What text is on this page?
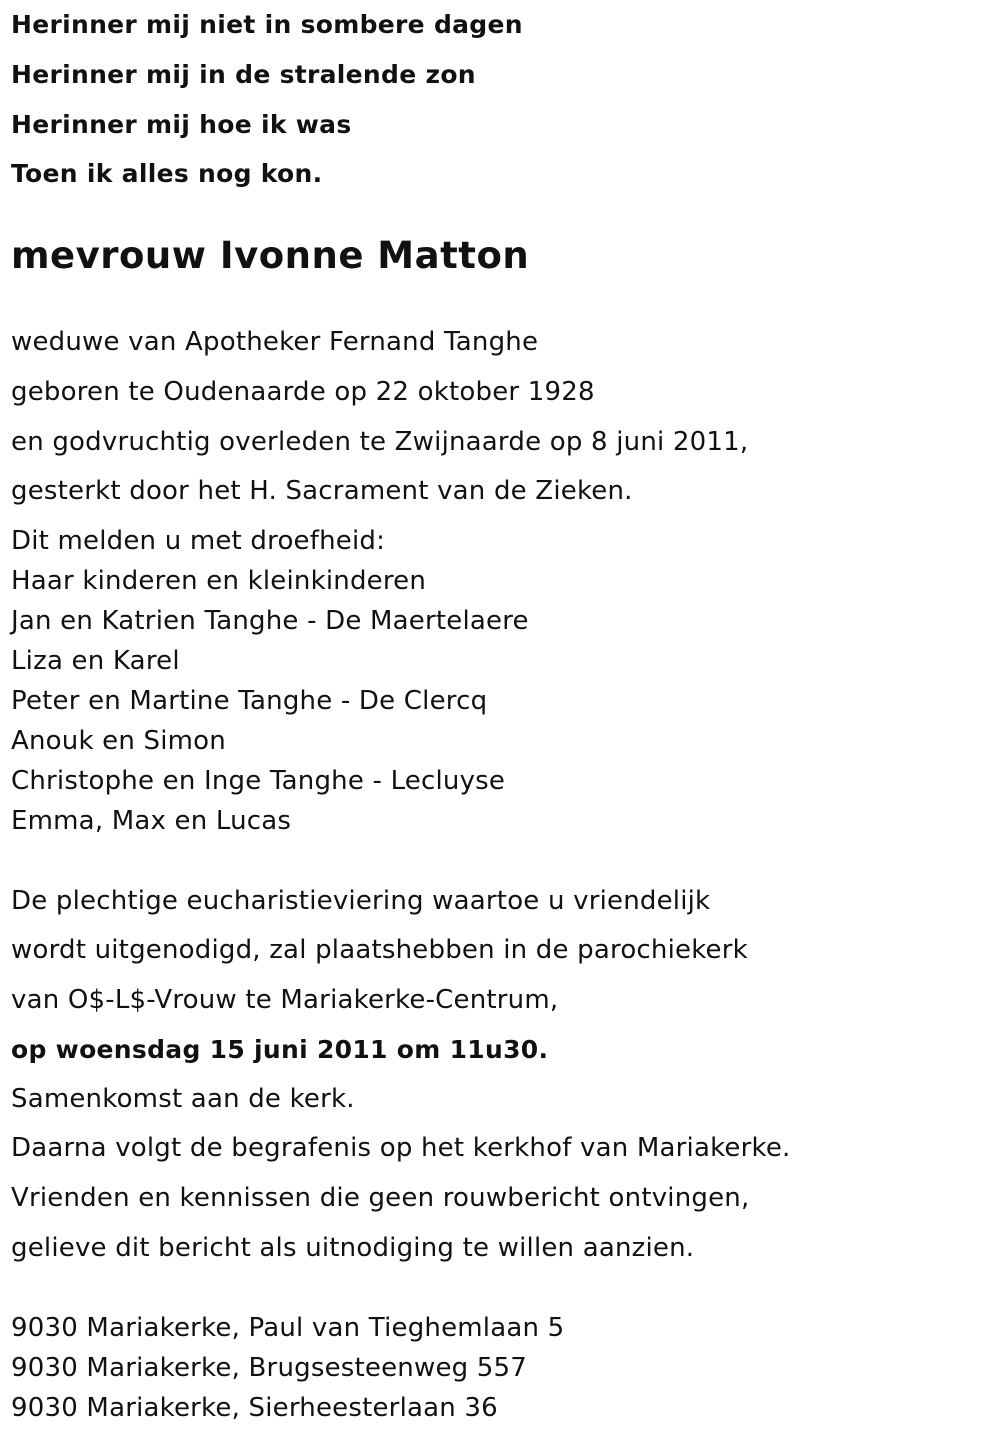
Herinner mij niet in sombere dagen
Herinner mij in de stralende zon
Herinner mij hoe ik was
Toen ik alles nog kon.
mevrouw Ivonne Matton
weduwe van Apotheker Fernand Tanghe
geboren te Oudenaarde op 22 oktober 1928
en godvruchtig overleden te Zwijnaarde op 8 juni 2011,
gesterkt door het H. Sacrament van de Zieken.
Dit melden u met droefheid:
Haar kinderen en kleinkinderen
Jan en Katrien Tanghe - De Maertelaere
Liza en Karel
Peter en Martine Tanghe - De Clercq
Anouk en Simon
Christophe en Inge Tanghe - Lecluyse
Emma, Max en Lucas
De plechtige eucharistieviering waartoe u vriendelijk
wordt uitgenodigd, zal plaatshebben in de parochiekerk
van O$-L$-Vrouw te Mariakerke-Centrum,
op woensdag 15 juni 2011 om 11u30.
Samenkomst aan de kerk.
Daarna volgt de begrafenis op het kerkhof van Mariakerke.
Vrienden en kennissen die geen rouwbericht ontvingen,
gelieve dit bericht als uitnodiging te willen aanzien.
9030 Mariakerke, Paul van Tieghemlaan 5
9030 Mariakerke, Brugsesteenweg 557
9030 Mariakerke, Sierheesterlaan 36
